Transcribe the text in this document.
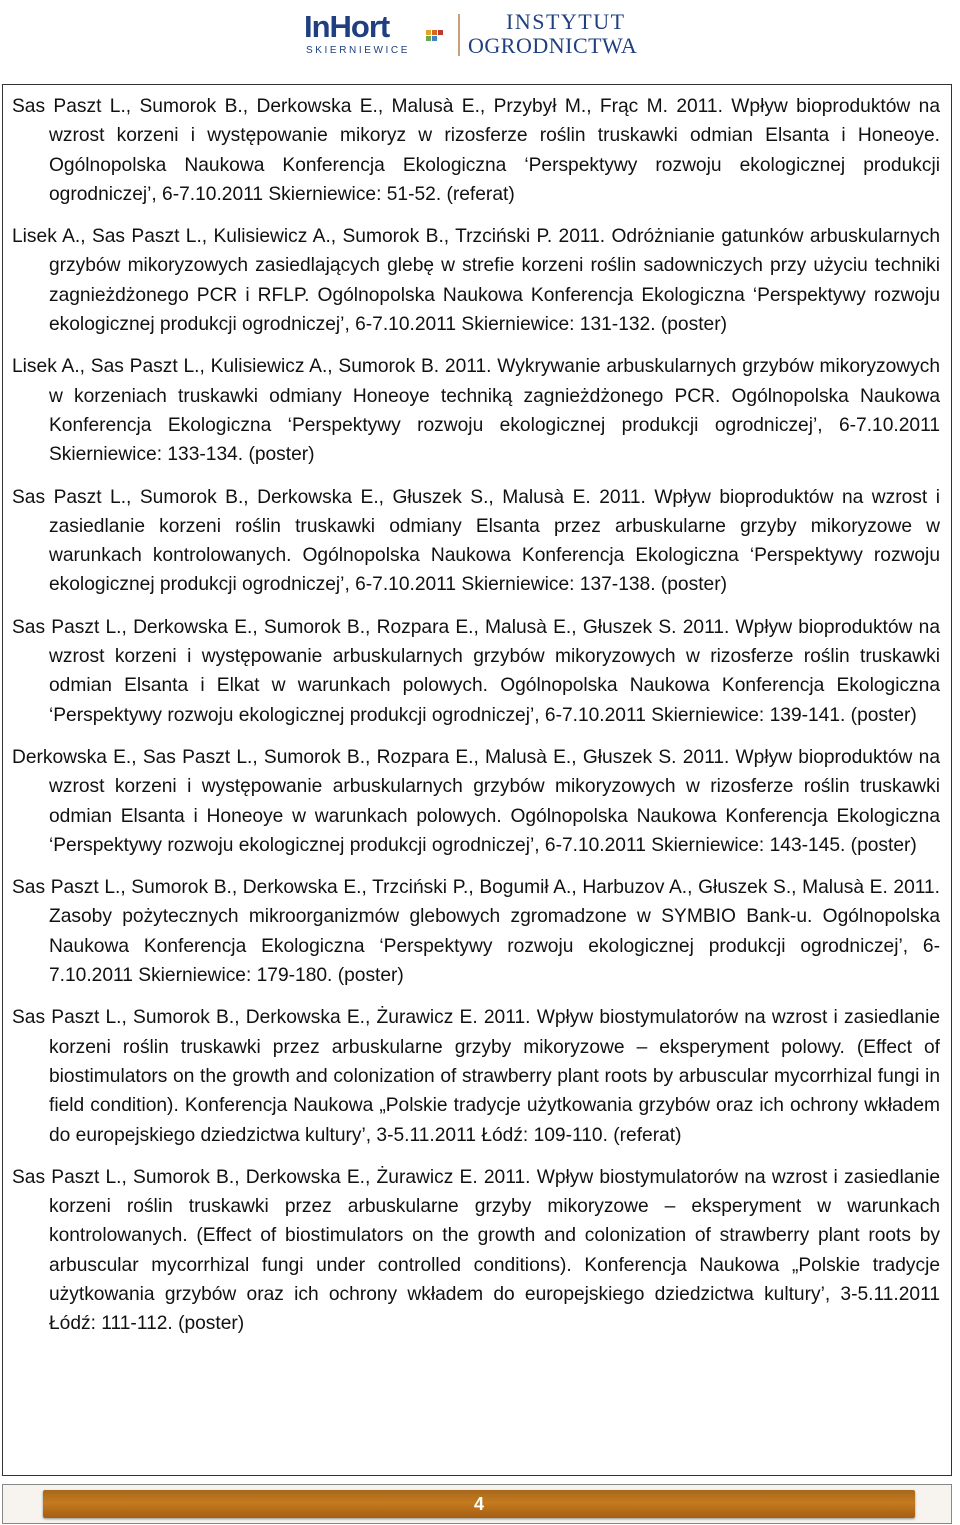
InHort
SKIERNIEWICE
INSTYTUT
OGRODNICTWA

Sas Paszt L., Sumorok B., Derkowska E., Malusà E., Przybył M., Frąc M. 2011. Wpływ bioproduktów na wzrost korzeni i występowanie mikoryz w rizosferze roślin truskawki odmian Elsanta i Honeoye. Ogólnopolska Naukowa Konferencja Ekologiczna ‘Perspektywy rozwoju ekologicznej produkcji ogrodniczej’, 6-7.10.2011 Skierniewice: 51-52. (referat)

Lisek A., Sas Paszt L., Kulisiewicz A., Sumorok B., Trzciński P. 2011. Odróżnianie gatunków arbuskularnych grzybów mikoryzowych zasiedlających glebę w strefie korzeni roślin sadowniczych przy użyciu techniki zagnieżdżonego PCR i RFLP. Ogólnopolska Naukowa Konferencja Ekologiczna ‘Perspektywy rozwoju ekologicznej produkcji ogrodniczej’, 6-7.10.2011 Skierniewice: 131-132. (poster)

Lisek A., Sas Paszt L., Kulisiewicz A., Sumorok B. 2011. Wykrywanie arbuskularnych grzybów mikoryzowych w korzeniach truskawki odmiany Honeoye techniką zagnieżdżonego PCR. Ogólnopolska Naukowa Konferencja Ekologiczna ‘Perspektywy rozwoju ekologicznej produkcji ogrodniczej’, 6-7.10.2011 Skierniewice: 133-134. (poster)

Sas Paszt L., Sumorok B., Derkowska E., Głuszek S., Malusà E. 2011. Wpływ bioproduktów na wzrost i zasiedlanie korzeni roślin truskawki odmiany Elsanta przez arbuskularne grzyby mikoryzowe w warunkach kontrolowanych. Ogólnopolska Naukowa Konferencja Ekologiczna ‘Perspektywy rozwoju ekologicznej produkcji ogrodniczej’, 6-7.10.2011 Skierniewice: 137-138. (poster)

Sas Paszt L., Derkowska E., Sumorok B., Rozpara E., Malusà E., Głuszek S. 2011. Wpływ bioproduktów na wzrost korzeni i występowanie arbuskularnych grzybów mikoryzowych w rizosferze roślin truskawki odmian Elsanta i Elkat w warunkach polowych. Ogólnopolska Naukowa Konferencja Ekologiczna ‘Perspektywy rozwoju ekologicznej produkcji ogrodniczej’, 6-7.10.2011 Skierniewice: 139-141. (poster)

Derkowska E., Sas Paszt L., Sumorok B., Rozpara E., Malusà E., Głuszek S. 2011. Wpływ bioproduktów na wzrost korzeni i występowanie arbuskularnych grzybów mikoryzowych w rizosferze roślin truskawki odmian Elsanta i Honeoye w warunkach polowych. Ogólnopolska Naukowa Konferencja Ekologiczna ‘Perspektywy rozwoju ekologicznej produkcji ogrodniczej’, 6-7.10.2011 Skierniewice: 143-145. (poster)

Sas Paszt L., Sumorok B., Derkowska E., Trzciński P., Bogumił A., Harbuzov A., Głuszek S., Malusà E. 2011. Zasoby pożytecznych mikroorganizmów glebowych zgromadzone w SYMBIO Bank-u. Ogólnopolska Naukowa Konferencja Ekologiczna ‘Perspektywy rozwoju ekologicznej produkcji ogrodniczej’, 6-7.10.2011 Skierniewice: 179-180. (poster)

Sas Paszt L., Sumorok B., Derkowska E., Żurawicz E. 2011. Wpływ biostymulatorów na wzrost i zasiedlanie korzeni roślin truskawki przez arbuskularne grzyby mikoryzowe – eksperyment polowy. (Effect of biostimulators on the growth and colonization of strawberry plant roots by arbuscular mycorrhizal fungi in field condition). Konferencja Naukowa „Polskie tradycje użytkowania grzybów oraz ich ochrony wkładem do europejskiego dziedzictwa kultury’, 3-5.11.2011 Łódź: 109-110. (referat)

Sas Paszt L., Sumorok B., Derkowska E., Żurawicz E. 2011. Wpływ biostymulatorów na wzrost i zasiedlanie korzeni roślin truskawki przez arbuskularne grzyby mikoryzowe – eksperyment w warunkach kontrolowanych. (Effect of biostimulators on the growth and colonization of strawberry plant roots by arbuscular mycorrhizal fungi under controlled conditions). Konferencja Naukowa „Polskie tradycje użytkowania grzybów oraz ich ochrony wkładem do europejskiego dziedzictwa kultury’, 3-5.11.2011 Łódź: 111-112. (poster)

4
